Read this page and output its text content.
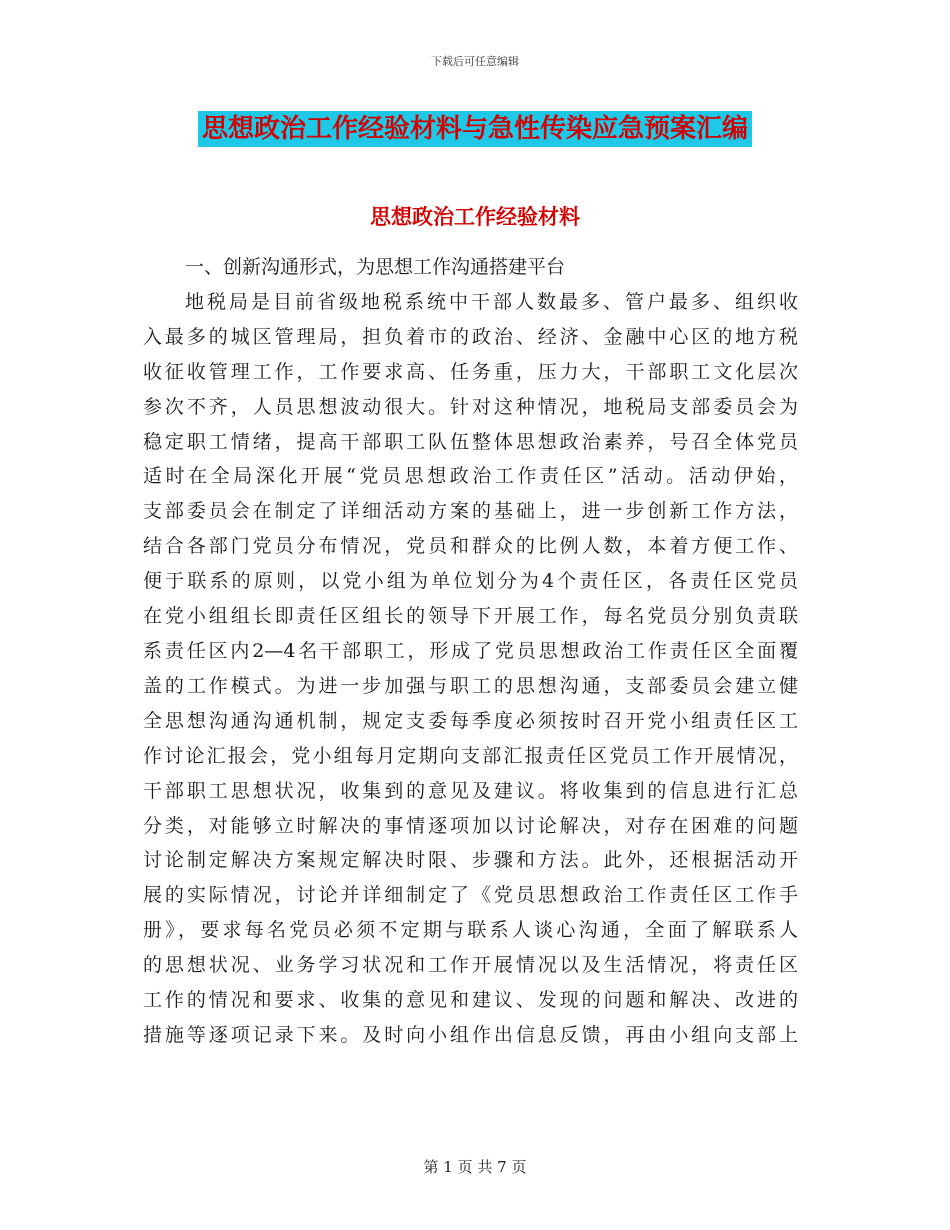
下载后可任意编辑
思想政治工作经验材料与急性传染应急预案汇编
思想政治工作经验材料
一、创新沟通形式，为思想工作沟通搭建平台

地税局是目前省级地税系统中干部人数最多、管户最多、组织收
入最多的城区管理局，担负着市的政治、经济、金融中心区的地方税
收征收管理工作，工作要求高、任务重，压力大，干部职工文化层次
参次不齐，人员思想波动很大。针对这种情况，地税局支部委员会为
稳定职工情绪，提高干部职工队伍整体思想政治素养，号召全体党员
适时在全局深化开展“党员思想政治工作责任区”活动。活动伊始，
支部委员会在制定了详细活动方案的基础上，进一步创新工作方法，
结合各部门党员分布情况，党员和群众的比例人数，本着方便工作、
便于联系的原则，以党小组为单位划分为4个责任区，各责任区党员
在党小组组长即责任区组长的领导下开展工作，每名党员分别负责联
系责任区内2—4名干部职工，形成了党员思想政治工作责任区全面覆
盖的工作模式。为进一步加强与职工的思想沟通，支部委员会建立健
全思想沟通沟通机制，规定支委每季度必须按时召开党小组责任区工
作讨论汇报会，党小组每月定期向支部汇报责任区党员工作开展情况，
干部职工思想状况，收集到的意见及建议。将收集到的信息进行汇总
分类，对能够立时解决的事情逐项加以讨论解决，对存在困难的问题
讨论制定解决方案规定解决时限、步骤和方法。此外，还根据活动开
展的实际情况，讨论并详细制定了《党员思想政治工作责任区工作手
册》，要求每名党员必须不定期与联系人谈心沟通，全面了解联系人
的思想状况、业务学习状况和工作开展情况以及生活情况，将责任区
工作的情况和要求、收集的意见和建议、发现的问题和解决、改进的
措施等逐项记录下来。及时向小组作出信息反馈，再由小组向支部上

第 1 页 共 7 页
